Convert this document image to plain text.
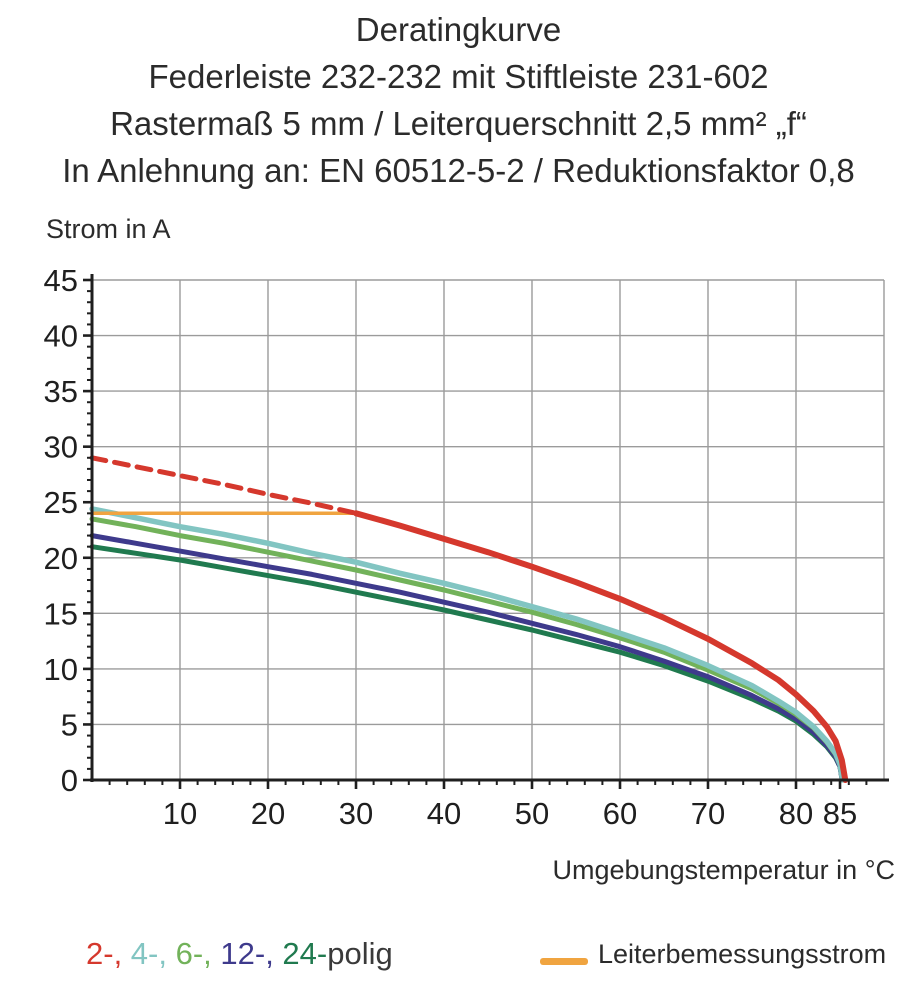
Deratingkurve
Federleiste 232-232 mit Stiftleiste 231-602
Rastermaß 5 mm / Leiterquerschnitt 2,5 mm² „f“
In Anlehnung an: EN 60512-5-2 / Reduktionsfaktor 0,8
Strom in A
45
40
35
30
25
20
15
10
5
0
10 20 30 40 50 60 70 80 85
Umgebungstemperatur in °C
2-, 4-, 6-, 12-, 24-polig	Leiterbemessungsstrom
